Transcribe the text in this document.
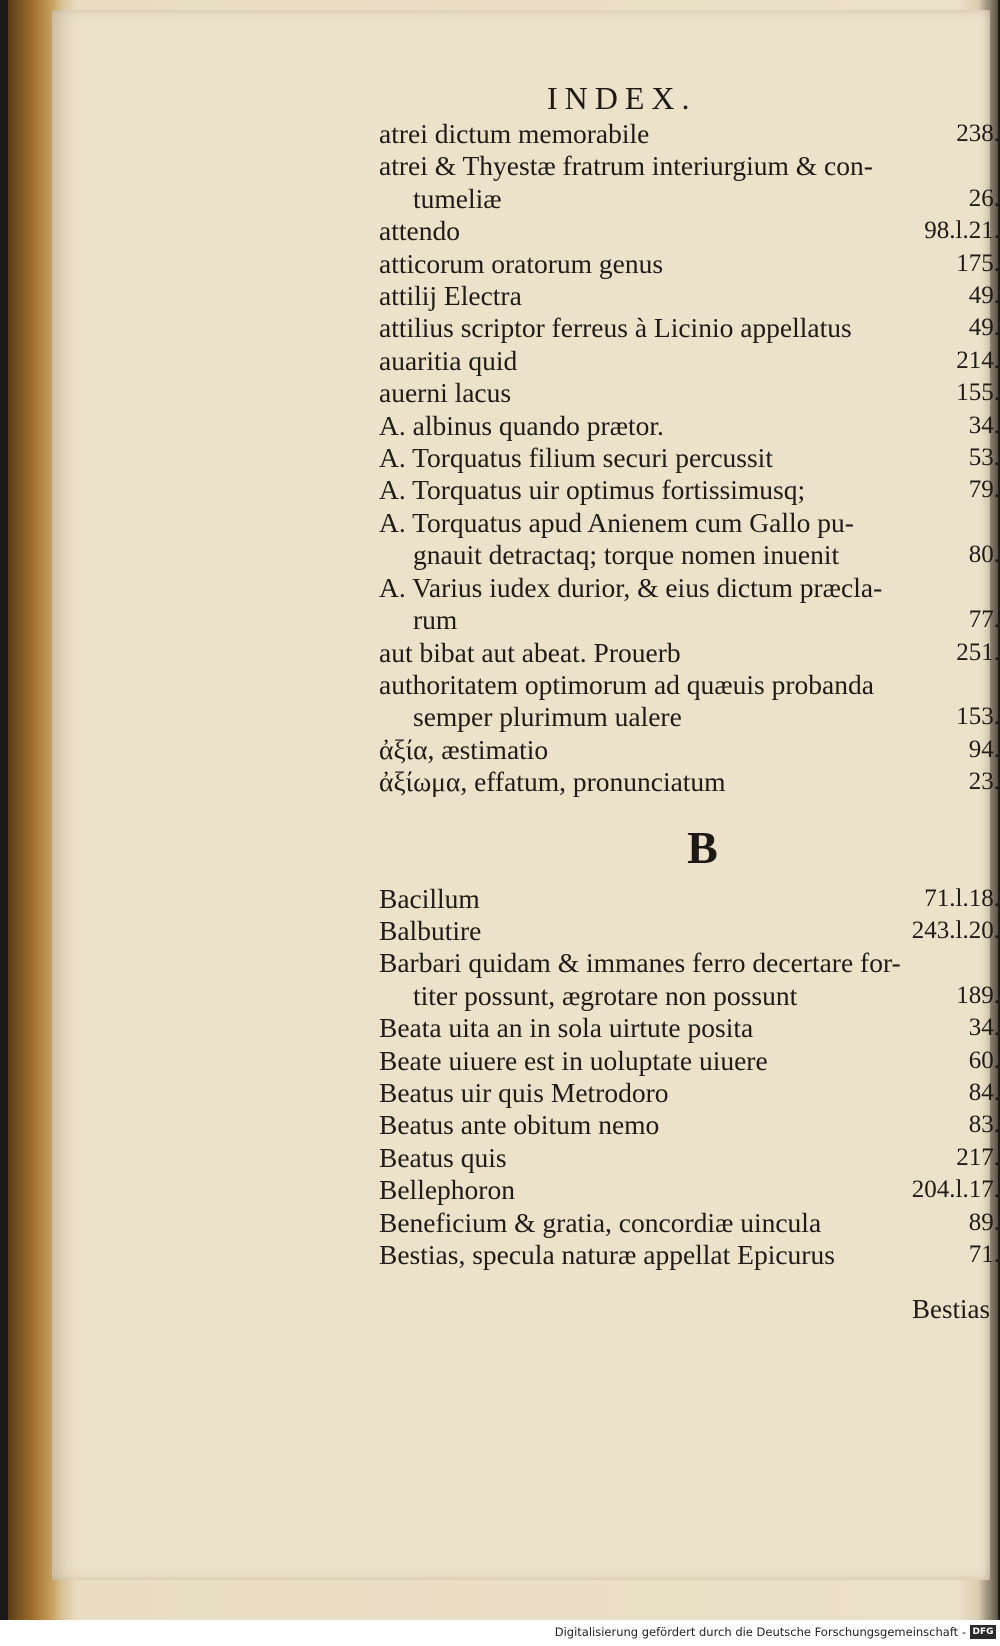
INDEX.
atrei dictum memorabile	238.
atrei & Thyestæ fratrum interiurgium & con-
tumeliæ	26.
attendo	98.l.21.
atticorum oratorum genus	175.
attilij Electra	49.
attilius scriptor ferreus à Licinio appellatus	49.
auaritia quid	214.
auerni lacus	155.
A. albinus quando prætor.	34.
A. Torquatus filium securi percussit	53.
A. Torquatus uir optimus fortissimusq;	79.
A. Torquatus apud Anienem cum Gallo pu-
gnauit detractaq; torque nomen inuenit	80.
A. Varius iudex durior, & eius dictum præcla-
rum	77.
aut bibat aut abeat. Prouerb	251.
authoritatem optimorum ad quæuis probanda
semper plurimum ualere	153.
ἀξία, æstimatio	94.
ἀξίωμα, effatum, pronunciatum	23.
B
Bacillum	71.l.18.
Balbutire	243.l.20.
Barbari quidam & immanes ferro decertare for-
titer possunt, ægrotare non possunt	189.
Beata uita an in sola uirtute posita	34.
Beate uiuere est in uoluptate uiuere	60.
Beatus uir quis Metrodoro	84.
Beatus ante obitum nemo	83.
Beatus quis	217.
Bellephoron	204.l.17.
Beneficium & gratia, concordiæ uincula	89.
Bestias, specula naturæ appellat Epicurus	71.
Bestias
Digitalisierung gefördert durch die Deutsche Forschungsgemeinschaft - DFG
